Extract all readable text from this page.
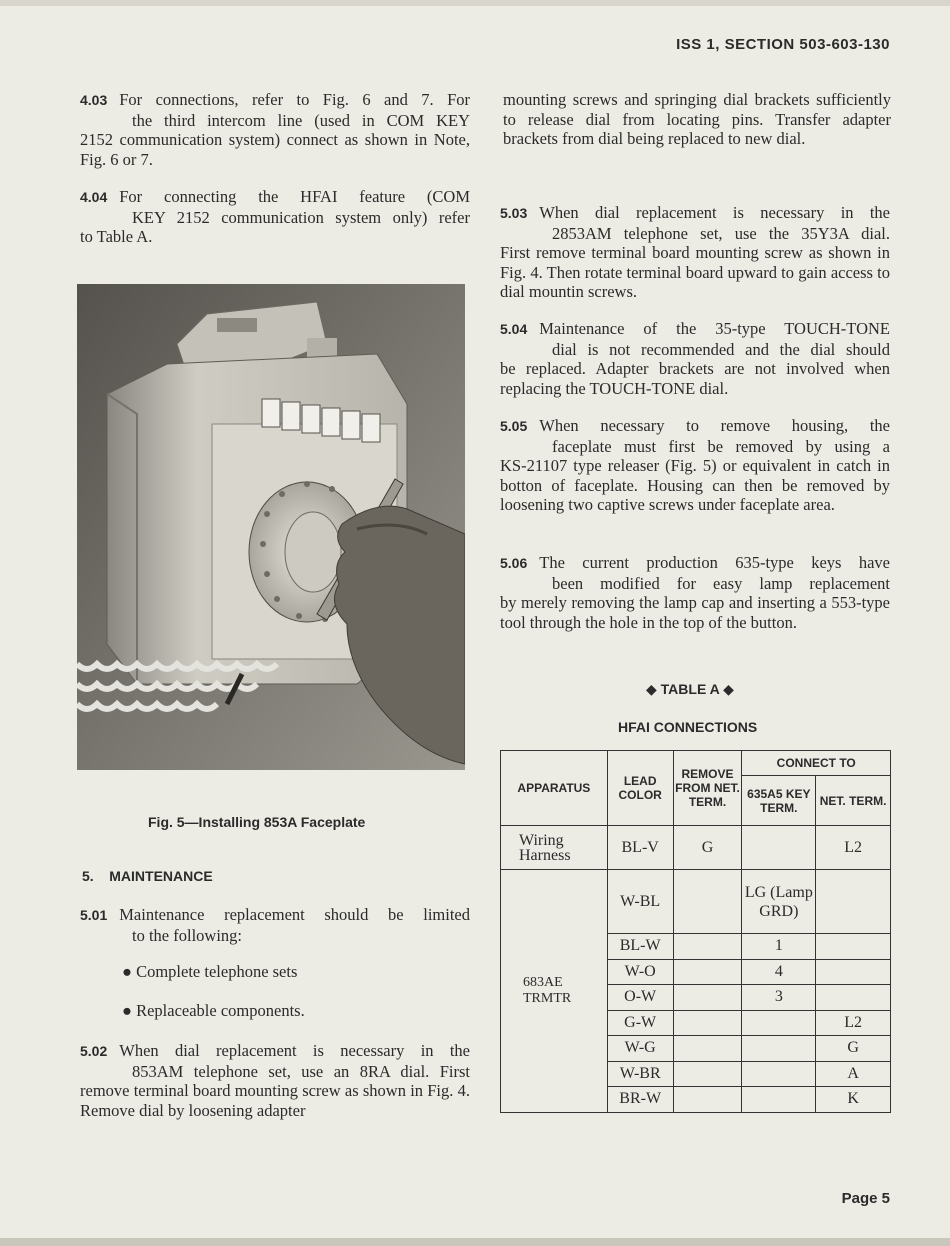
ISS 1, SECTION 503-603-130
4.03 For connections, refer to Fig. 6 and 7. For
the third intercom line (used in COM KEY
2152 communication system) connect as shown in Note, Fig. 6 or 7.
4.04 For connecting the HFAI feature (COM
KEY 2152 communication system only) refer
to Table A.
Fig. 5—Installing 853A Faceplate
5. MAINTENANCE
5.01 Maintenance replacement should be limited
to the following:
● Complete telephone sets
● Replaceable components.
5.02 When dial replacement is necessary in the
853AM telephone set, use an 8RA dial. First
remove terminal board mounting screw as shown in Fig. 4. Remove dial by loosening adapter
mounting screws and springing dial brackets sufficiently to release dial from locating pins. Transfer adapter brackets from dial being replaced to new dial.
5.03 When dial replacement is necessary in the
2853AM telephone set, use the 35Y3A dial.
First remove terminal board mounting screw as shown in Fig. 4. Then rotate terminal board upward to gain access to dial mountin screws.
5.04 Maintenance of the 35-type TOUCH-TONE
dial is not recommended and the dial should
be replaced. Adapter brackets are not involved when replacing the TOUCH-TONE dial.
5.05 When necessary to remove housing, the
faceplate must first be removed by using a
KS-21107 type releaser (Fig. 5) or equivalent in catch in botton of faceplate. Housing can then be removed by loosening two captive screws under faceplate area.
5.06 The current production 635-type keys have
been modified for easy lamp replacement
by merely removing the lamp cap and inserting a 553-type tool through the hole in the top of the button.
◆ TABLE A ◆
HFAI CONNECTIONS
APPARATUS	LEAD COLOR	REMOVE FROM NET. TERM.	CONNECT TO	
			635A5 KEY TERM.	NET. TERM.
Wiring Harness	BL-V	G		L2
683AE TRMTR	W-BL		LG (Lamp GRD)	
	BL-W		1	
	W-O		4	
	O-W		3	
	G-W			L2
	W-G			G
	W-BR			A
	BR-W			K
Page 5
